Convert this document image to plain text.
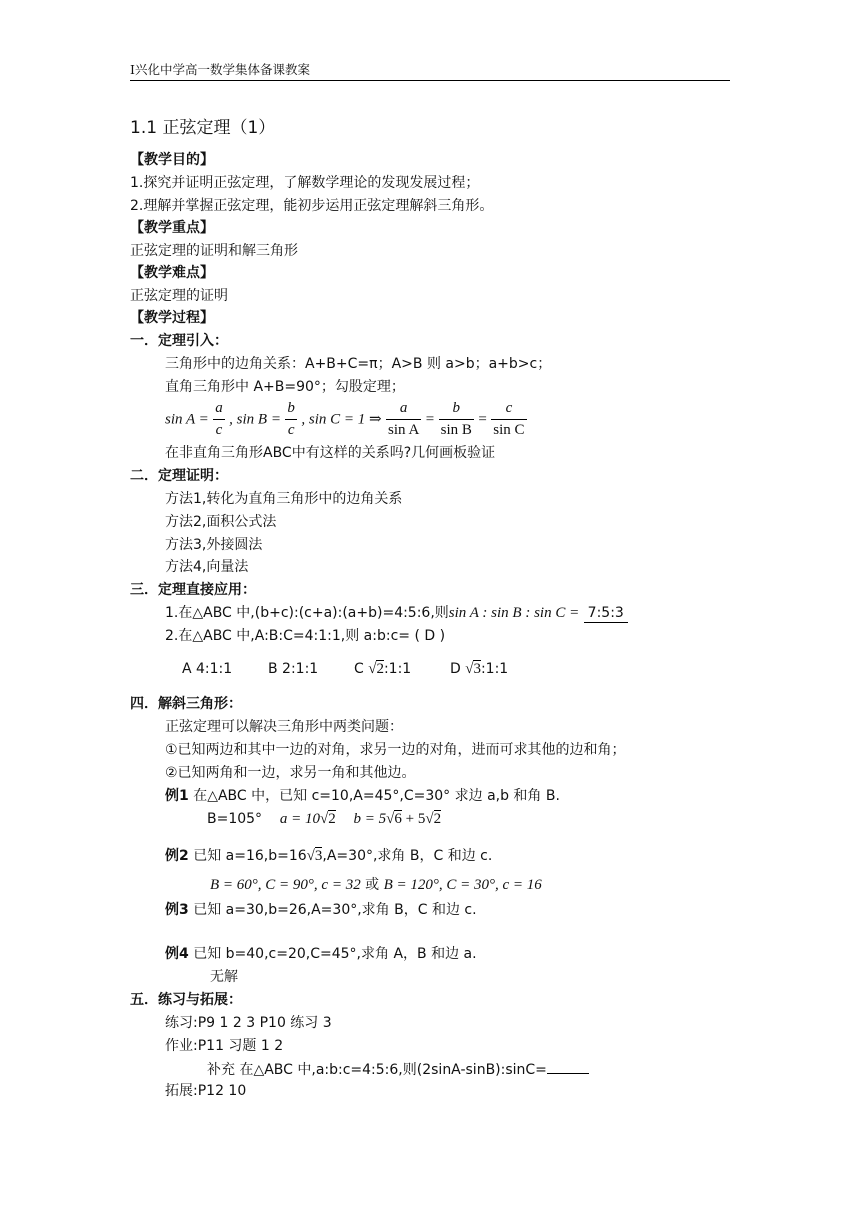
I兴化中学高一数学集体备课教案
1.1 正弦定理（1）
【教学目的】
1.探究并证明正弦定理，了解数学理论的发现发展过程；
2.理解并掌握正弦定理，能初步运用正弦定理解斜三角形。
【教学重点】
正弦定理的证明和解三角形
【教学难点】
正弦定理的证明
【教学过程】
一．定理引入：
三角形中的边角关系：A+B+C=π；A>B 则 a>b；a+b>c；
直角三角形中 A+B=90°；勾股定理；
$\sin A = \frac{a}{c}$ , $\sin B = \frac{b}{c}$ , sin C = 1 ⇒ $\frac{a}{\text{sin A}} = \frac{b}{\text{sin B}} = \frac{c}{\text{sin C}}$
在非直角三角形ABC中有这样的关系吗?几何画板验证
二．定理证明：
方法1,转化为直角三角形中的边角关系
方法2,面积公式法
方法3,外接圆法
方法4,向量法
三．定理直接应用：
1.在△ABC 中,(b+c):(c+a):(a+b)=4:5:6,则sin A : sin B : sin C = 7:5:3
2.在△ABC 中,A:B:C=4:1:1,则 a:b:c= ( D )
A 4:1:1	B 2:1:1	C √2:1:1	D √3:1:1
四．解斜三角形：
正弦定理可以解决三角形中两类问题：
①已知两边和其中一边的对角，求另一边的对角，进而可求其他的边和角；
②已知两角和一边，求另一角和其他边。
例1 在△ABC 中，已知 c=10,A=45°,C=30° 求边 a,b 和角 B.
B=105° a = 10√2 b = 5√6 + 5√2
例2 已知 a=16,b=16√3,A=30°,求角 B，C 和边 c.
B = 60°, C = 90°, c = 32 或 B = 120°, C = 30°, c = 16
例3 已知 a=30,b=26,A=30°,求角 B，C 和边 c.
例4 已知 b=40,c=20,C=45°,求角 A，B 和边 a.
无解
五．练习与拓展：
练习:P9 1 2 3 P10 练习 3
作业:P11 习题 1 2
补充 在△ABC 中,a:b:c=4:5:6,则(2sinA-sinB):sinC=
拓展:P12 10
